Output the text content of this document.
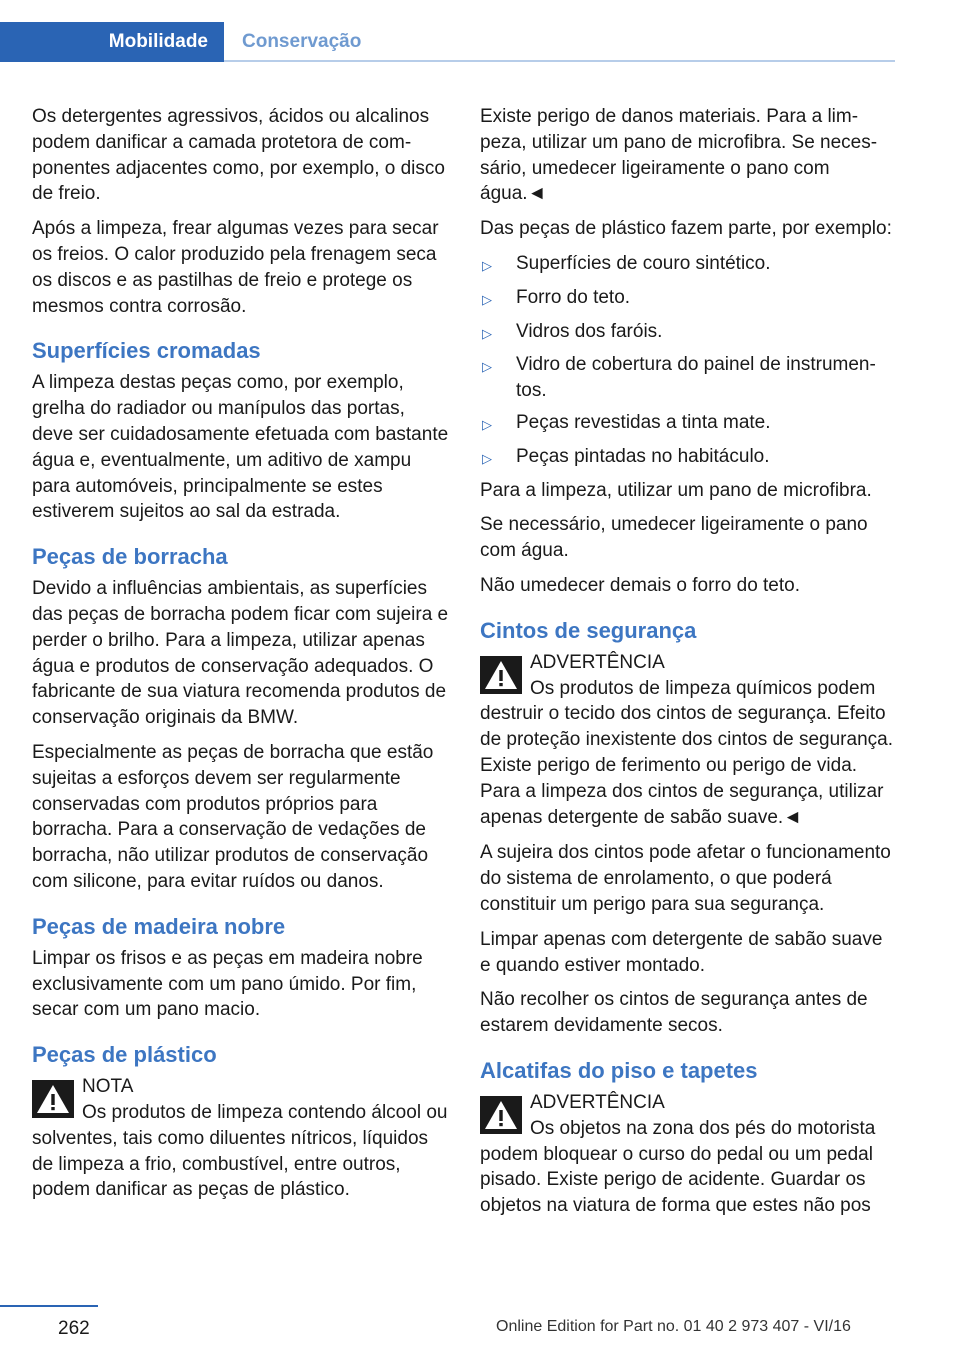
Mobilidade	Conservação

Os detergentes agressivos, ácidos ou alcalinos podem danificar a camada protetora de componentes adjacentes como, por exemplo, o disco de freio.

Após a limpeza, frear algumas vezes para secar os freios. O calor produzido pela frenagem seca os discos e as pastilhas de freio e protege os mesmos contra corrosão.

Superfícies cromadas

A limpeza destas peças como, por exemplo, grelha do radiador ou manípulos das portas, deve ser cuidadosamente efetuada com bastante água e, eventualmente, um aditivo de xampu para automóveis, principalmente se estes estiverem sujeitos ao sal da estrada.

Peças de borracha

Devido a influências ambientais, as superfícies das peças de borracha podem ficar com sujeira e perder o brilho. Para a limpeza, utilizar apenas água e produtos de conservação adequados. O fabricante de sua viatura recomenda produtos de conservação originais da BMW.

Especialmente as peças de borracha que estão sujeitas a esforços devem ser regularmente conservadas com produtos próprios para borracha. Para a conservação de vedações de borracha, não utilizar produtos de conservação com silicone, para evitar ruídos ou danos.

Peças de madeira nobre

Limpar os frisos e as peças em madeira nobre exclusivamente com um pano úmido. Por fim, secar com um pano macio.

Peças de plástico
NOTA
Os produtos de limpeza contendo álcool ou solventes, tais como diluentes nítricos, líquidos de limpeza a frio, combustível, entre outros, podem danificar as peças de plástico.

Existe perigo de danos materiais. Para a limpeza, utilizar um pano de microfibra. Se necessário, umedecer ligeiramente o pano com água.◄

Das peças de plástico fazem parte, por exemplo:

▷	Superfícies de couro sintético.
▷	Forro do teto.
▷	Vidros dos faróis.
▷	Vidro de cobertura do painel de instrumentos.
▷	Peças revestidas a tinta mate.
▷	Peças pintadas no habitáculo.

Para a limpeza, utilizar um pano de microfibra.

Se necessário, umedecer ligeiramente o pano com água.

Não umedecer demais o forro do teto.

Cintos de segurança
ADVERTÊNCIA
Os produtos de limpeza químicos podem destruir o tecido dos cintos de segurança. Efeito de proteção inexistente dos cintos de segurança. Existe perigo de ferimento ou perigo de vida. Para a limpeza dos cintos de segurança, utilizar apenas detergente de sabão suave.◄

A sujeira dos cintos pode afetar o funcionamento do sistema de enrolamento, o que poderá constituir um perigo para sua segurança.

Limpar apenas com detergente de sabão suave e quando estiver montado.

Não recolher os cintos de segurança antes de estarem devidamente secos.

Alcatifas do piso e tapetes
ADVERTÊNCIA
Os objetos na zona dos pés do motorista podem bloquear o curso do pedal ou um pedal pisado. Existe perigo de acidente. Guardar os objetos na viatura de forma que estes não pos
262	Online Edition for Part no. 01 40 2 973 407 - VI/16
